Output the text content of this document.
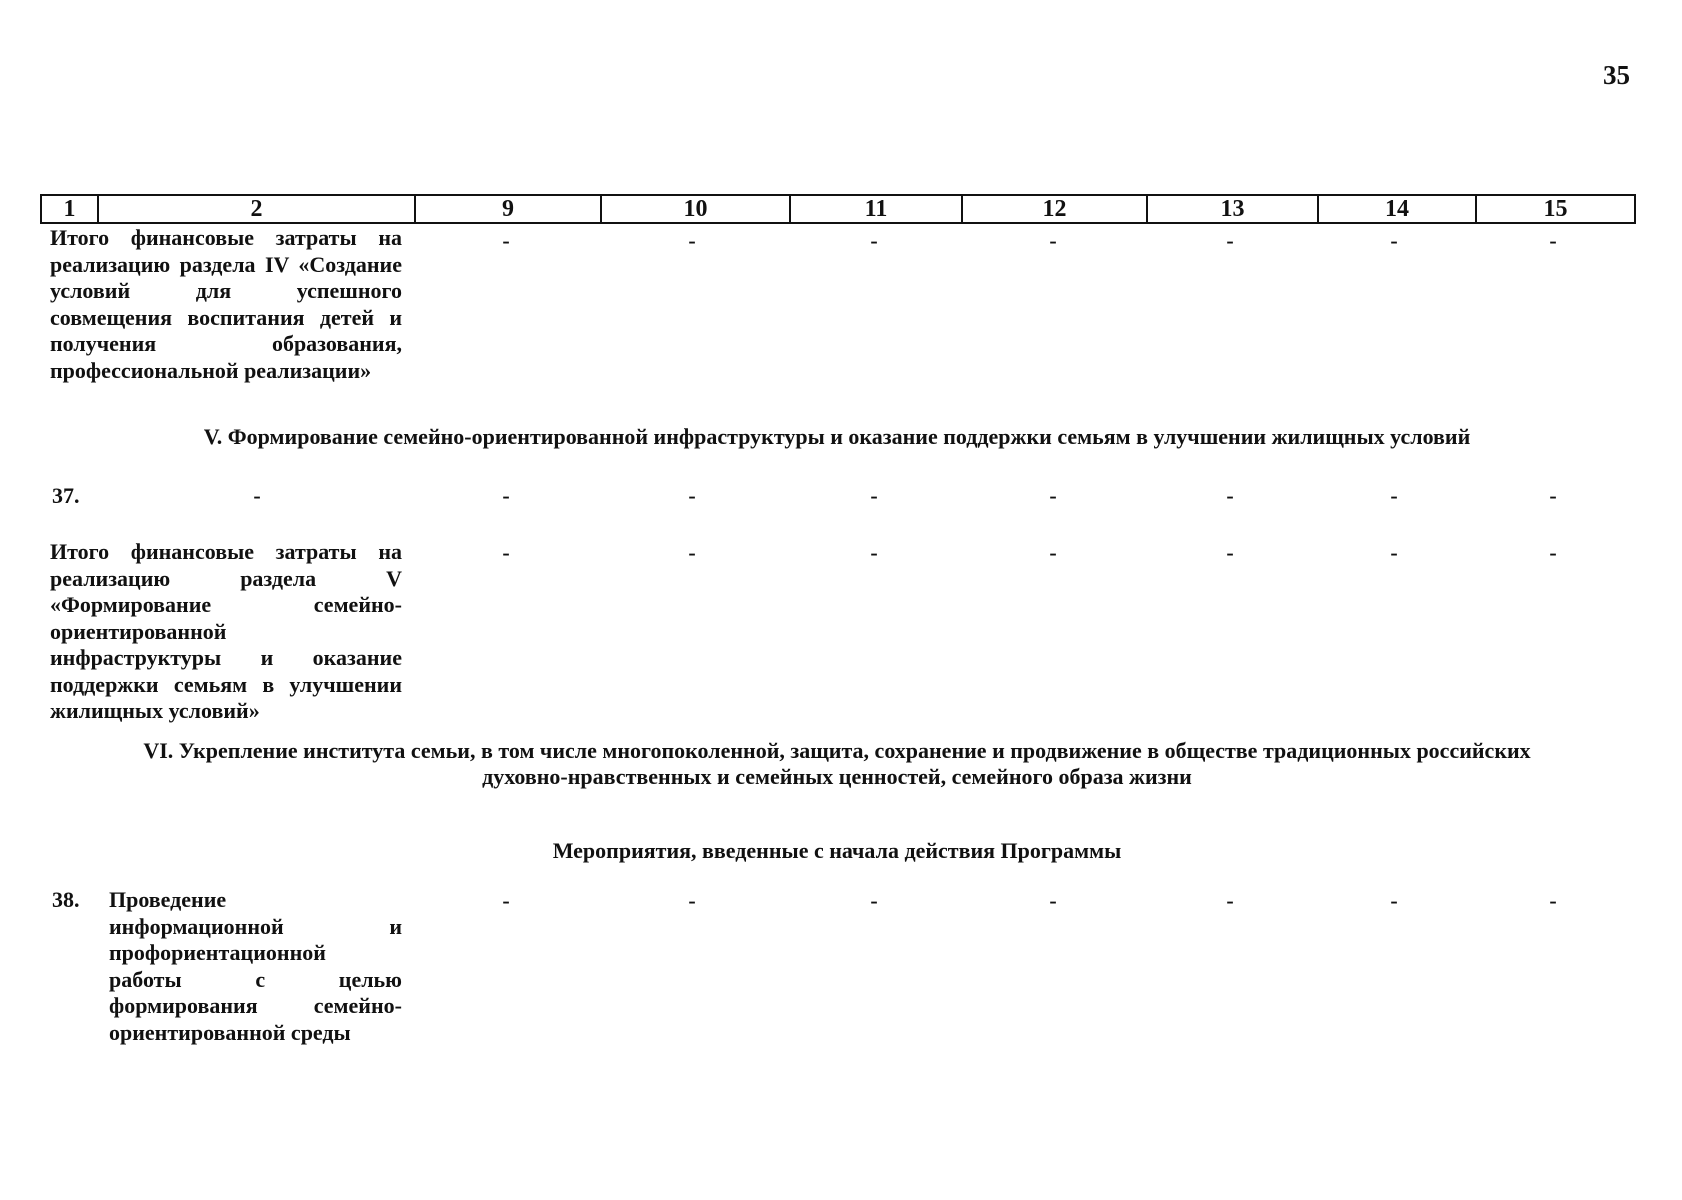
35
1	2	9	10	11	12	13	14	15
Итого финансовые затраты на реализацию раздела IV «Создание условий для успешного совмещения воспитания детей и получения образования, профессиональной реализации»
-	-	-	-	-	-	-
V. Формирование семейно-ориентированной инфраструктуры и оказание поддержки семьям в улучшении жилищных условий
37.	-	-	-	-	-	-	-	-
Итого финансовые затраты на реализацию раздела V «Формирование семейно-ориентированной инфраструктуры и оказание поддержки семьям в улучшении жилищных условий»
-	-	-	-	-	-	-
VI. Укрепление института семьи, в том числе многопоколенной, защита, сохранение и продвижение в обществе традиционных российских
духовно-нравственных и семейных ценностей, семейного образа жизни
Мероприятия, введенные с начала действия Программы
38. Проведение информационной и профориентационной работы с целью формирования семейно-ориентированной среды
-	-	-	-	-	-	-
